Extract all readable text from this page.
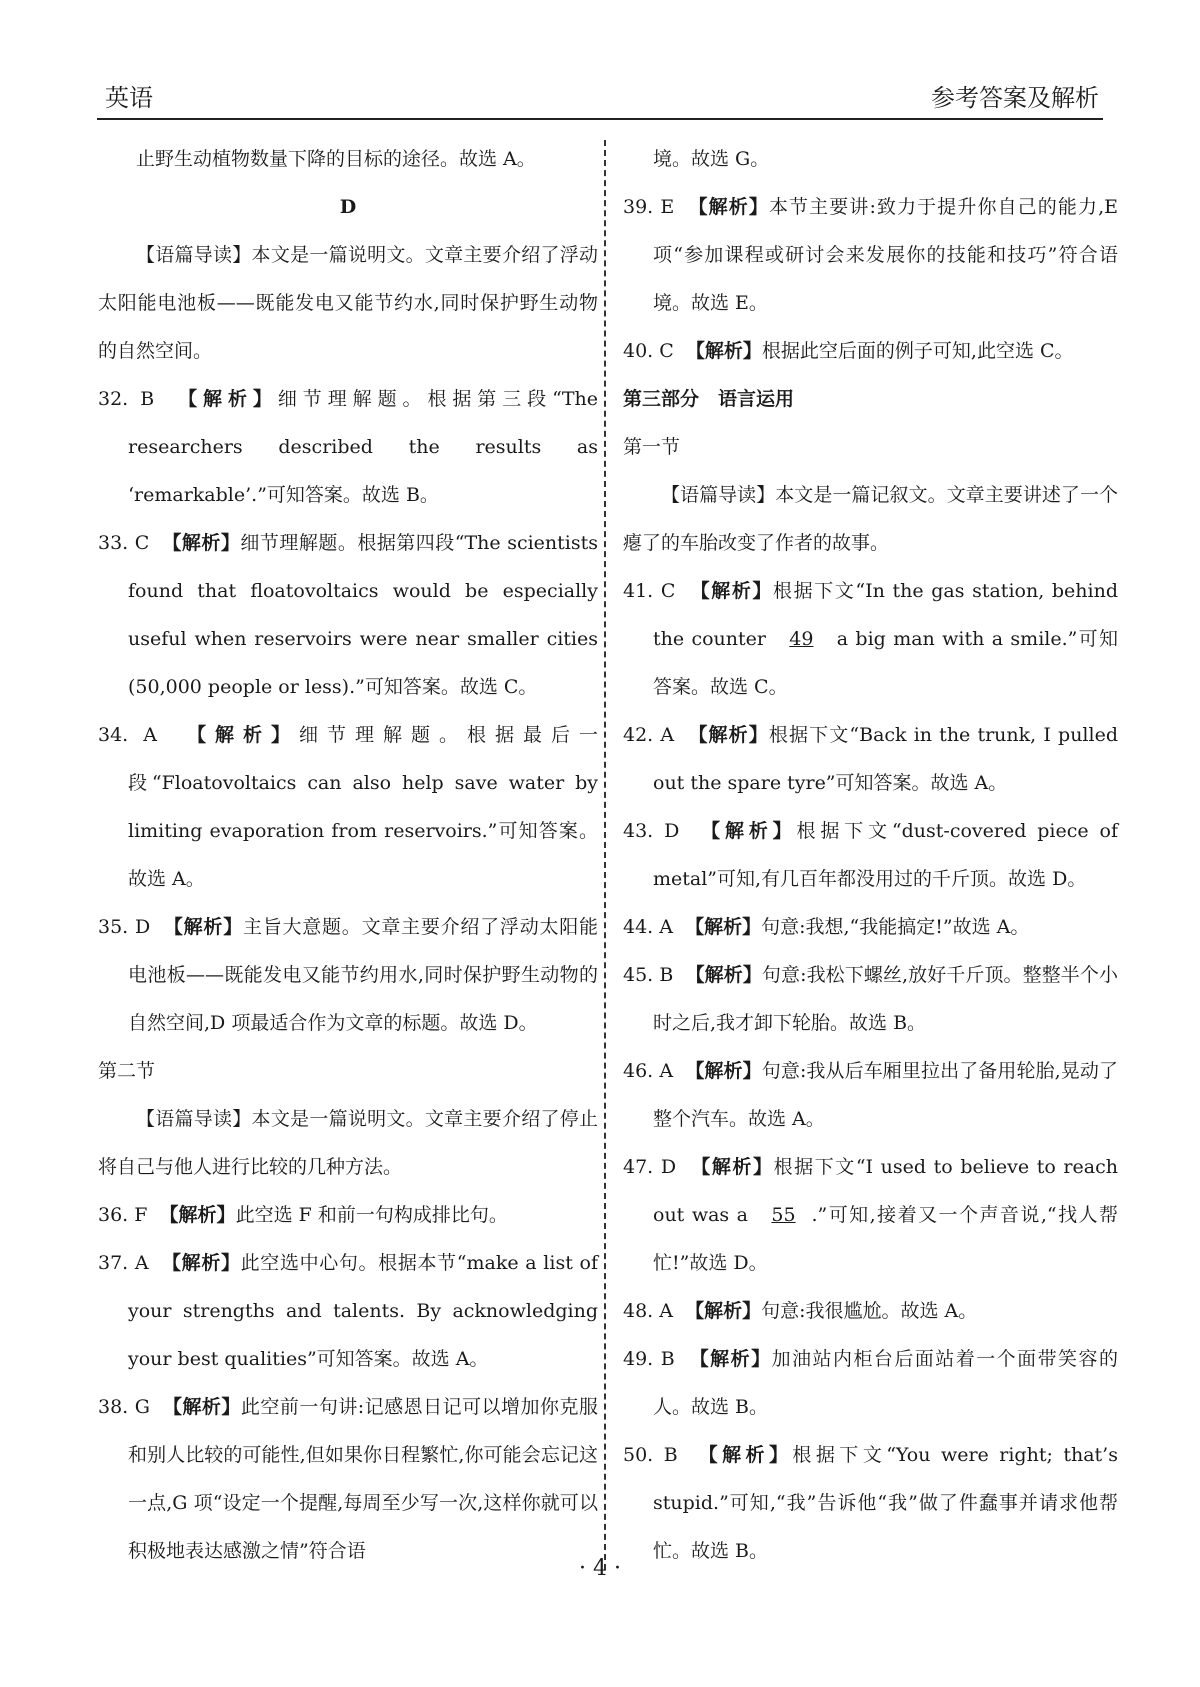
英语	参考答案及解析

止野生动植物数量下降的目标的途径。故选 A。

D

【语篇导读】本文是一篇说明文。文章主要介绍了浮动太阳能电池板——既能发电又能节约水,同时保护野生动物的自然空间。

32. B 【解析】细节理解题。根据第三段“The researchers described the results as ‘remarkable’.”可知答案。故选 B。

33. C 【解析】细节理解题。根据第四段“The scientists found that floatovoltaics would be especially useful when reservoirs were near smaller cities (50,000 people or less).”可知答案。故选 C。

34. A 【解析】细节理解题。根据最后一段“Floatovoltaics can also help save water by limiting evaporation from reservoirs.”可知答案。故选 A。

35. D 【解析】主旨大意题。文章主要介绍了浮动太阳能电池板——既能发电又能节约用水,同时保护野生动物的自然空间,D 项最适合作为文章的标题。故选 D。

第二节

【语篇导读】本文是一篇说明文。文章主要介绍了停止将自己与他人进行比较的几种方法。

36. F 【解析】此空选 F 和前一句构成排比句。

37. A 【解析】此空选中心句。根据本节“make a list of your strengths and talents. By acknowledging your best qualities”可知答案。故选 A。

38. G 【解析】此空前一句讲:记感恩日记可以增加你克服和别人比较的可能性,但如果你日程繁忙,你可能会忘记这一点,G 项“设定一个提醒,每周至少写一次,这样你就可以积极地表达感激之情”符合语

境。故选 G。

39. E 【解析】本节主要讲:致力于提升你自己的能力,E 项“参加课程或研讨会来发展你的技能和技巧”符合语境。故选 E。

40. C 【解析】根据此空后面的例子可知,此空选 C。

第三部分　语言运用

第一节

【语篇导读】本文是一篇记叙文。文章主要讲述了一个瘪了的车胎改变了作者的故事。

41. C 【解析】根据下文“In the gas station, behind the counter 49 a big man with a smile.”可知答案。故选 C。

42. A 【解析】根据下文“Back in the trunk, I pulled out the spare tyre”可知答案。故选 A。

43. D 【解析】根据下文“dust-covered piece of metal”可知,有几百年都没用过的千斤顶。故选 D。

44. A 【解析】句意:我想,“我能搞定!”故选 A。

45. B 【解析】句意:我松下螺丝,放好千斤顶。整整半个小时之后,我才卸下轮胎。故选 B。

46. A 【解析】句意:我从后车厢里拉出了备用轮胎,晃动了整个汽车。故选 A。

47. D 【解析】根据下文“I used to believe to reach out was a 55 .”可知,接着又一个声音说,“找人帮忙!”故选 D。

48. A 【解析】句意:我很尴尬。故选 A。

49. B 【解析】加油站内柜台后面站着一个面带笑容的人。故选 B。

50. B 【解析】根据下文“You were right; that’s stupid.”可知,“我”告诉他“我”做了件蠢事并请求他帮忙。故选 B。

· 4 ·
